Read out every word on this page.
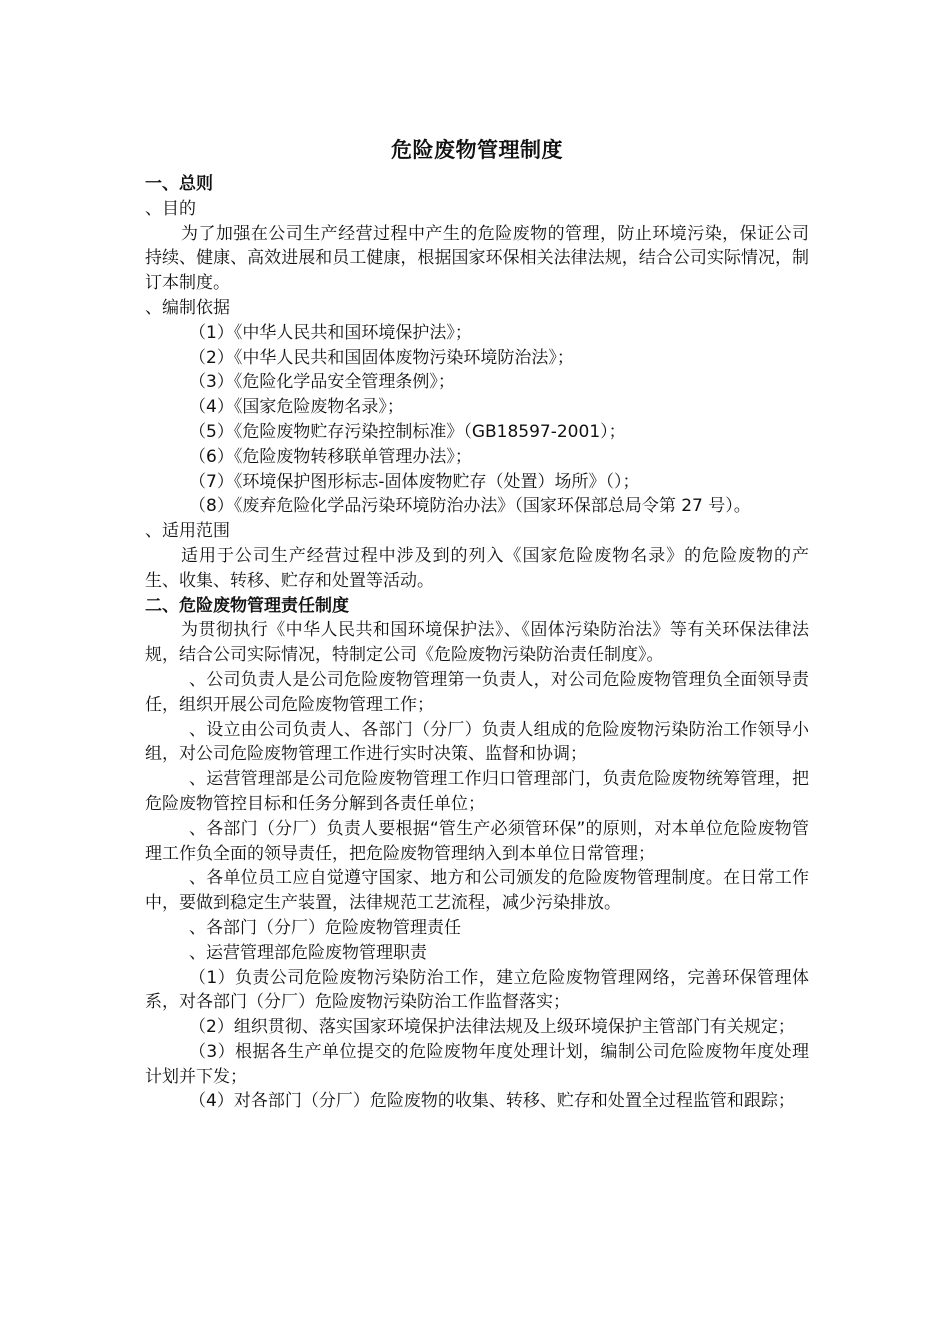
危险废物管理制度

一、总则

、目的

为了加强在公司生产经营过程中产生的危险废物的管理，防止环境污染，保证公司持续、健康、高效进展和员工健康，根据国家环保相关法律法规，结合公司实际情况，制订本制度。

、编制依据

（1）《中华人民共和国环境保护法》；

（2）《中华人民共和国固体废物污染环境防治法》；

（3）《危险化学品安全管理条例》；

（4）《国家危险废物名录》；

（5）《危险废物贮存污染控制标准》（GB18597-2001）；

（6）《危险废物转移联单管理办法》；

（7）《环境保护图形标志-固体废物贮存（处置）场所》（）；

（8）《废弃危险化学品污染环境防治办法》（国家环保部总局令第 27 号）。

、适用范围

适用于公司生产经营过程中涉及到的列入《国家危险废物名录》的危险废物的产生、收集、转移、贮存和处置等活动。

二、危险废物管理责任制度

为贯彻执行《中华人民共和国环境保护法》、《固体污染防治法》等有关环保法律法规，结合公司实际情况，特制定公司《危险废物污染防治责任制度》。

、公司负责人是公司危险废物管理第一负责人，对公司危险废物管理负全面领导责任，组织开展公司危险废物管理工作；

、设立由公司负责人、各部门（分厂）负责人组成的危险废物污染防治工作领导小组，对公司危险废物管理工作进行实时决策、监督和协调；

、运营管理部是公司危险废物管理工作归口管理部门，负责危险废物统筹管理，把危险废物管控目标和任务分解到各责任单位；

、各部门（分厂）负责人要根据“管生产必须管环保”的原则，对本单位危险废物管理工作负全面的领导责任，把危险废物管理纳入到本单位日常管理；

、各单位员工应自觉遵守国家、地方和公司颁发的危险废物管理制度。在日常工作中，要做到稳定生产装置，法律规范工艺流程，减少污染排放。

、各部门（分厂）危险废物管理责任

、运营管理部危险废物管理职责

（1）负责公司危险废物污染防治工作，建立危险废物管理网络，完善环保管理体系，对各部门（分厂）危险废物污染防治工作监督落实；

（2）组织贯彻、落实国家环境保护法律法规及上级环境保护主管部门有关规定；

（3）根据各生产单位提交的危险废物年度处理计划，编制公司危险废物年度处理计划并下发；

（4）对各部门（分厂）危险废物的收集、转移、贮存和处置全过程监管和跟踪；
